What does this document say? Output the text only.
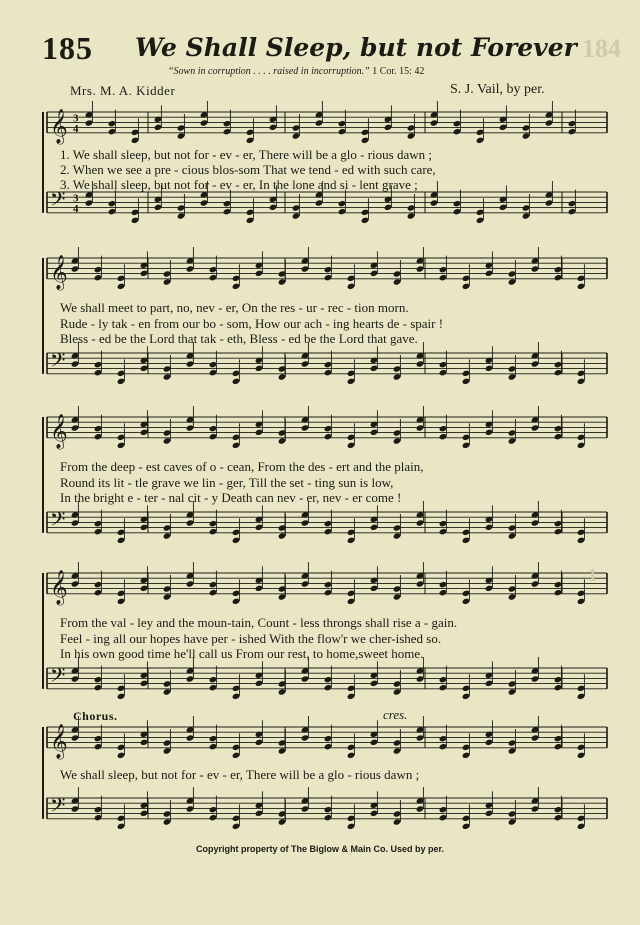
185 We Shall Sleep, but not Forever 184
“Sown in corruption . . . . raised in incorruption.” 1 Cor. 15: 42
Mrs. M. A. Kidder	S. J. Vail, by per.
𝄞 3
4
𝄢 3
4
1. We shall sleep, but not for - ev - er, There will be a glo - rious dawn ;
2. When we see a pre - cious blos-som That we tend - ed with such care,
3. We shall sleep, but not for - ev - er, In the lone and si - lent grave ;
𝄞
𝄢
We shall meet to part, no, nev - er, On the res - ur - rec - tion morn.
Rude - ly tak - en from our bo - som, How our ach - ing hearts de - spair !
Bless - ed be the Lord that tak - eth, Bless - ed be the Lord that gave.
𝄞
𝄢
From the deep - est caves of o - cean, From the des - ert and the plain,
Round its lit - tle grave we lin - ger, Till the set - ting sun is low,
In the bright e - ter - nal cit - y Death can nev - er, nev - er come !
𝄞
𝄢
From the val - ley and the moun-tain, Count - less throngs shall rise a - gain.
Feel - ing all our hopes have per - ished With the flow'r we cher-ished so.
In his own good time he'll call us From our rest, to home,sweet home.
1
Chorus.	cres.
𝄞
𝄢
We shall sleep, but not for - ev - er, There will be a glo - rious dawn ;
Copyright property of The Biglow & Main Co. Used by per.
